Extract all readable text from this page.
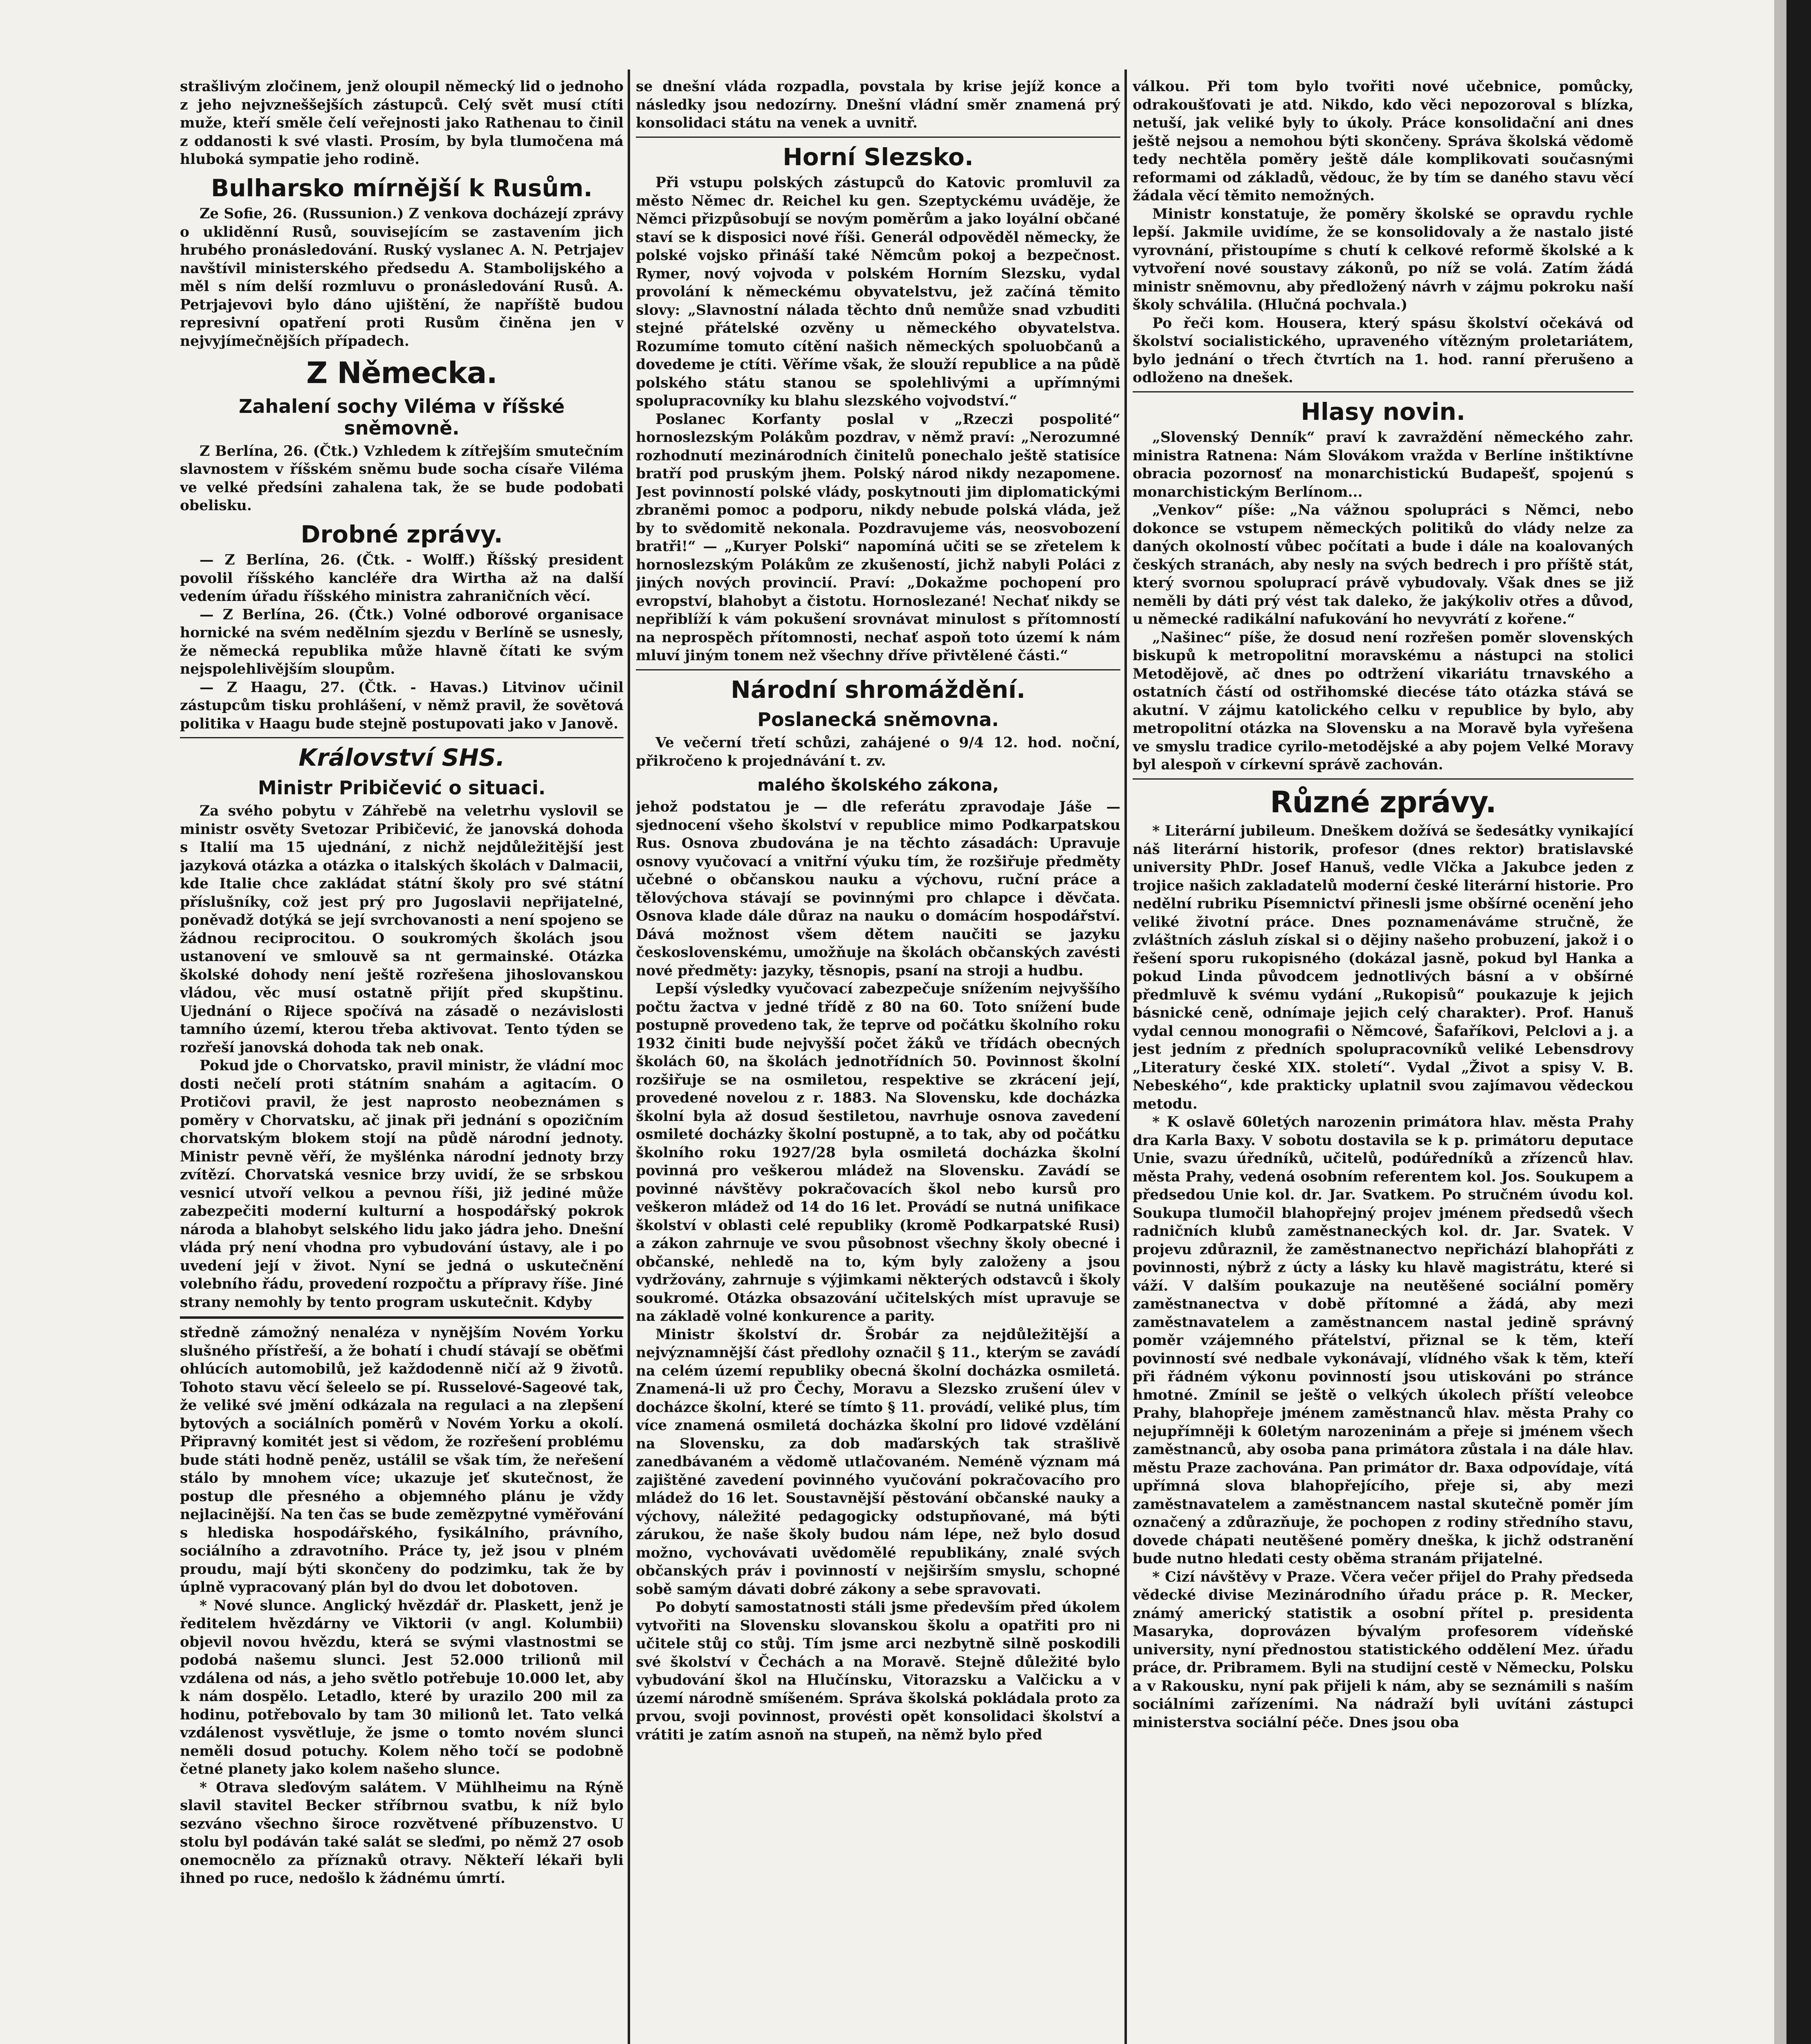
strašlivým zločinem, jenž oloupil německý lid o jednoho z jeho nejvzneššejších zástupců. Celý svět musí ctíti muže, kteří směle čelí veřejnosti jako Rathenau to činil z oddanosti k své vlasti. Prosím, by byla tlumočena má hluboká sympatie jeho rodině.

Bulharsko mírnější k Rusům.

Ze Sofie, 26. (Russunion.) Z venkova docházejí zprávy o ukliděnní Rusů, souvisejícím se zastavením jich hrubého pronásledování. Ruský vyslanec A. N. Petrjajev navštívil ministerského předsedu A. Stambolijského a měl s ním delší rozmluvu o pronásledování Rusů. A. Petrjajevovi bylo dáno ujištění, že napříště budou represivní opatření proti Rusům činěna jen v nejvyjímečnějších případech.

Z Německa.
Zahalení sochy Viléma v říšské sněmovně.

Z Berlína, 26. (Čtk.) Vzhledem k zítřejším smutečním slavnostem v říšském sněmu bude socha císaře Viléma ve velké předsíni zahalena tak, že se bude podobati obelisku.

Drobné zprávy.

— Z Berlína, 26. (Čtk. - Wolff.) Říšský president povolil říšského kancléře dra Wirtha až na další vedením úřadu říšského ministra zahraničních věcí.

— Z Berlína, 26. (Čtk.) Volné odborové organisace hornické na svém nedělním sjezdu v Berlíně se usnesly, že německá republika může hlavně čítati ke svým nejspolehlivějším sloupům.

— Z Haagu, 27. (Čtk. - Havas.) Litvinov učinil zástupcům tisku prohlášení, v němž pravil, že sovětová politika v Haagu bude stejně postupovati jako v Janově.

Království SHS.
Ministr Pribičević o situaci.

Za svého pobytu v Záhřebě na veletrhu vyslovil se ministr osvěty Svetozar Pribičević, že janovská dohoda s Italií ma 15 ujednání, z nichž nejdůležitější jest jazyková otázka a otázka o italských školách v Dalmacii, kde Italie chce zakládat státní školy pro své státní příslušníky, což jest prý pro Jugoslavii nepřijatelné, poněvadž dotýká se její svrchovanosti a není spojeno se žádnou reciprocitou. O soukromých školách jsou ustanovení ve smlouvě sa nt germainské. Otázka školské dohody není ještě rozřešena jihoslovanskou vládou, věc musí ostatně přijít před skupštinu. Ujednání o Rijece spočívá na zásadě o nezávislosti tamního území, kterou třeba aktivovat. Tento týden se rozřeší janovská dohoda tak neb onak.

Pokud jde o Chorvatsko, pravil ministr, že vládní moc dosti nečelí proti státním snahám a agitacím. O Protičovi pravil, že jest naprosto neobeznámen s poměry v Chorvatsku, ač jinak při jednání s opozičním chorvatským blokem stojí na půdě národní jednoty. Ministr pevně věří, že myšlénka národní jednoty brzy zvítězí. Chorvatská vesnice brzy uvidí, že se srbskou vesnicí utvoří velkou a pevnou říši, již jediné může zabezpečiti moderní kulturní a hospodářský pokrok národa a blahobyt selského lidu jako jádra jeho. Dnešní vláda prý není vhodna pro vybudování ústavy, ale i po uvedení její v život. Nyní se jedná o uskutečnění volebního řádu, provedení rozpočtu a přípravy říše. Jiné strany nemohly by tento program uskutečnit. Kdyby

středně zámožný nenaléza v nynějším Novém Yorku slušného přístřeší, a že bohatí i chudí stávají se oběťmi ohlúcích automobilů, jež každodenně ničí až 9 životů. Tohoto stavu věcí šeleelo se pí. Russelové-Sageové tak, že veliké své jmění odkázala na regulaci a na zlepšení bytových a sociálních poměrů v Novém Yorku a okolí. Připravný komitét jest si vědom, že rozřešení problému bude státi hodně peněz, ustálil se však tím, že neřešení stálo by mnohem více; ukazuje jeť skutečnost, že postup dle přesného a objemného plánu je vždy nejlacinější. Na ten čas se bude zemězpytné vyměřování s hlediska hospodářského, fysikálního, právního, sociálního a zdravotního. Práce ty, jež jsou v plném proudu, mají býti skončeny do podzimku, tak že by úplně vypracovaný plán byl do dvou let dobotoven.

* Nové slunce. Anglický hvězdář dr. Plaskett, jenž je ředitelem hvězdárny ve Viktorii (v angl. Kolumbii) objevil novou hvězdu, která se svými vlastnostmi se podobá našemu slunci. Jest 52.000 trilionů mil vzdálena od nás, a jeho světlo potřebuje 10.000 let, aby k nám dospělo. Letadlo, které by urazilo 200 mil za hodinu, potřebovalo by tam 30 milionů let. Tato velká vzdálenost vysvětluje, že jsme o tomto novém slunci neměli dosud potuchy. Kolem něho točí se podobně četné planety jako kolem našeho slunce.

* Otrava sleďovým salátem. V Mühlheimu na Rýně slavil stavitel Becker stříbrnou svatbu, k níž bylo sezváno všechno široce rozvětvené příbuzenstvo. U stolu byl podáván také salát se sleďmi, po němž 27 osob onemocnělo za příznaků otravy. Někteří lékaři byli ihned po ruce, nedošlo k žádnému úmrtí.

se dnešní vláda rozpadla, povstala by krise jejíž konce a následky jsou nedozírny. Dnešní vládní směr znamená prý konsolidaci státu na venek a uvnitř.

Horní Slezsko.

Při vstupu polských zástupců do Katovic promluvil za město Němec dr. Reichel ku gen. Szeptyckému uváděje, že Němci přizpůsobují se novým poměrům a jako loyální občané staví se k disposici nové říši. Generál odpověděl německy, že polské vojsko přináší také Němcům pokoj a bezpečnost. Rymer, nový vojvoda v polském Horním Slezsku, vydal provolání k německému obyvatelstvu, jež začíná těmito slovy: „Slavnostní nálada těchto dnů nemůže snad vzbuditi stejné přátelské ozvěny u německého obyvatelstva. Rozumíme tomuto cítění našich německých spoluobčanů a dovedeme je ctíti. Věříme však, že slouží republice a na půdě polského státu stanou se spolehlivými a upřímnými spolupracovníky ku blahu slezského vojvodství.“

Poslanec Korfanty poslal v „Rzeczi pospolité“ hornoslezským Polákům pozdrav, v němž praví: „Nerozumné rozhodnutí mezinárodních činitelů ponechalo ještě statisíce bratří pod pruským jhem. Polský národ nikdy nezapomene. Jest povinností polské vlády, poskytnouti jim diplomatickými zbraněmi pomoc a podporu, nikdy nebude polská vláda, jež by to svědomitě nekonala. Pozdravujeme vás, neosvobození bratři!“ — „Kuryer Polski“ napomíná učiti se se zřetelem k hornoslezským Polákům ze zkušeností, jichž nabyli Poláci z jiných nových provincií. Praví: „Dokažme pochopení pro evropství, blahobyt a čistotu. Hornoslezané! Nechať nikdy se nepřiblíží k vám pokušení srovnávat minulost s přítomností na neprospěch přítomnosti, nechať aspoň toto území k nám mluví jiným tonem než všechny dříve přivtělené části.“

Národní shromáždění.
Poslanecká sněmovna.

Ve večerní třetí schůzi, zahájené o 9/4 12. hod. noční, přikročeno k projednávání t. zv.

malého školského zákona,

jehož podstatou je — dle referátu zpravodaje Jáše — sjednocení všeho školství v republice mimo Podkarpatskou Rus. Osnova zbudována je na těchto zásadách: Upravuje osnovy vyučovací a vnitřní výuku tím, že rozšiřuje předměty učebné o občanskou nauku a výchovu, ruční práce a tělovýchova stávají se povinnými pro chlapce i děvčata. Osnova klade dále důraz na nauku o domácím hospodářství. Dává možnost všem dětem naučiti se jazyku československému, umožňuje na školách občanských zavésti nové předměty: jazyky, těsnopis, psaní na stroji a hudbu.

Lepší výsledky vyučovací zabezpečuje snížením nejvyššího počtu žactva v jedné třídě z 80 na 60. Toto snížení bude postupně provedeno tak, že teprve od počátku školního roku 1932 činiti bude nejvyšší počet žáků ve třídách obecných školách 60, na školách jednotřídních 50. Povinnost školní rozšiřuje se na osmiletou, respektive se zkrácení její, provedené novelou z r. 1883. Na Slovensku, kde docházka školní byla až dosud šestiletou, navrhuje osnova zavedení osmileté docházky školní postupně, a to tak, aby od počátku školního roku 1927/28 byla osmiletá docházka školní povinná pro veškerou mládež na Slovensku. Zavádí se povinné návštěvy pokračovacích škol nebo kursů pro veškeron mládež od 14 do 16 let. Provádí se nutná unifikace školství v oblasti celé republiky (kromě Podkarpatské Rusi) a zákon zahrnuje ve svou působnost všechny školy obecné i občanské, nehledě na to, kým byly založeny a jsou vydržovány, zahrnuje s výjimkami některých odstavců i školy soukromé. Otázka obsazování učitelských míst upravuje se na základě volné konkurence a parity.

Ministr školství dr. Šrobár za nejdůležitější a nejvýznamnější část předlohy označil § 11., kterým se zavádí na celém území republiky obecná školní docházka osmiletá. Znamená-li už pro Čechy, Moravu a Slezsko zrušení úlev v docházce školní, které se tímto § 11. provádí, veliké plus, tím více znamená osmiletá docházka školní pro lidové vzdělání na Slovensku, za dob maďarských tak strašlivě zanedbávaném a vědomě utlačovaném. Neméně význam má zajištěné zavedení povinného vyučování pokračovacího pro mládež do 16 let. Soustavnější pěstování občanské nauky a výchovy, náležité pedagogicky odstupňované, má býti zárukou, že naše školy budou nám lépe, než bylo dosud možno, vychovávati uvědomělé republikány, znalé svých občanských práv i povinností v nejširším smyslu, schopné sobě samým dávati dobré zákony a sebe spravovati.

Po dobytí samostatnosti stáli jsme především před úkolem vytvořiti na Slovensku slovanskou školu a opatřiti pro ni učitele stůj co stůj. Tím jsme arci nezbytně silně poskodili své školství v Čechách a na Moravě. Stejně důležité bylo vybudování škol na Hlučínsku, Vitorazsku a Valčicku a v území národně smíšeném. Správa školská pokládala proto za prvou, svoji povinnost, provésti opět konsolidaci školství a vrátiti je zatím asnoň na stupeň, na němž bylo před

válkou. Při tom bylo tvořiti nové učebnice, pomůcky, odrakoušťovati je atd. Nikdo, kdo věci nepozoroval s blízka, netuší, jak veliké byly to úkoly. Práce konsolidační ani dnes ještě nejsou a nemohou býti skončeny. Správa školská vědomě tedy nechtěla poměry ještě dále komplikovati současnými reformami od základů, vědouc, že by tím se daného stavu věcí žádala věcí těmito nemožných.

Ministr konstatuje, že poměry školské se opravdu rychle lepší. Jakmile uvidíme, že se konsolidovaly a že nastalo jisté vyrovnání, přistoupíme s chutí k celkové reformě školské a k vytvoření nové soustavy zákonů, po níž se volá. Zatím žádá ministr sněmovnu, aby předložený návrh v zájmu pokroku naší školy schválila. (Hlučná pochvala.)

Po řeči kom. Housera, který spásu školství očekává od školství socialistického, upraveného vítězným proletariátem, bylo jednání o třech čtvrtích na 1. hod. ranní přerušeno a odloženo na dnešek.

Hlasy novin.

„Slovenský Denník“ praví k zavraždění německého zahr. ministra Ratnena: Nám Slovákom vražda v Berlíne inštiktívne obracia pozornosť na monarchistickú Budapešť, spojenú s monarchistickým Berlínom...

„Venkov“ píše: „Na vážnou spolupráci s Němci, nebo dokonce se vstupem německých politiků do vlády nelze za daných okolností vůbec počítati a bude i dále na koalovaných českých stranách, aby nesly na svých bedrech i pro příště stát, který svornou spoluprací právě vybudovaly. Však dnes se již neměli by dáti prý vést tak daleko, že jakýkoliv otřes a důvod, u německé radikální nafukování ho nevyvrátí z kořene.“

„Našinec“ píše, že dosud není rozřešen poměr slovenských biskupů k metropolitní moravskému a nástupci na stolici Metodějově, ač dnes po odtržení vikariátu trnavského a ostatních částí od ostřihomské diecése táto otázka stává se akutní. V zájmu katolického celku v republice by bylo, aby metropolitní otázka na Slovensku a na Moravě byla vyřešena ve smyslu tradice cyrilo-metodějské a aby pojem Velké Moravy byl alespoň v církevní správě zachován.

Různé zprávy.

* Literární jubileum. Dneškem dožívá se šedesátky vynikající náš literární historik, profesor (dnes rektor) bratislavské university PhDr. Josef Hanuš, vedle Vlčka a Jakubce jeden z trojice našich zakladatelů moderní české literární historie. Pro nedělní rubriku Písemnictví přinesli jsme obšírné ocenění jeho veliké životní práce. Dnes poznamenáváme stručně, že zvláštních zásluh získal si o dějiny našeho probuzení, jakož i o řešení sporu rukopisného (dokázal jasně, pokud byl Hanka a pokud Linda původcem jednotlivých básní a v obšírné předmluvě k svému vydání „Rukopisů“ poukazuje k jejich básnické ceně, odnímaje jejich celý charakter). Prof. Hanuš vydal cennou monografii o Němcové, Šafaříkovi, Pelclovi a j. a jest jedním z předních spolupracovníků veliké Lebensdrovy „Literatury české XIX. století“. Vydal „Život a spisy V. B. Nebeského“, kde prakticky uplatnil svou zajímavou vědeckou metodu.

* K oslavě 60letých narozenin primátora hlav. města Prahy dra Karla Baxy. V sobotu dostavila se k p. primátoru deputace Unie, svazu úředníků, učitelů, podúředníků a zřízenců hlav. města Prahy, vedená osobním referentem kol. Jos. Soukupem a předsedou Unie kol. dr. Jar. Svatkem. Po stručném úvodu kol. Soukupa tlumočil blahopřejný projev jménem předsedů všech radničních klubů zaměstnaneckých kol. dr. Jar. Svatek. V projevu zdůraznil, že zaměstnanectvo nepřichází blahopřáti z povinnosti, nýbrž z úcty a lásky ku hlavě magistrátu, které si váží. V dalším poukazuje na neutěšené sociální poměry zaměstnanectva v době přítomné a žádá, aby mezi zaměstnavatelem a zaměstnancem nastal jedině správný poměr vzájemného přátelství, přiznal se k těm, kteří povinností své nedbale vykonávají, vlídného však k těm, kteří při řádném výkonu povinností jsou utiskováni po stránce hmotné. Zmínil se ještě o velkých úkolech příští veleobce Prahy, blahopřeje jménem zaměstnanců hlav. města Prahy co nejupřímněji k 60letým narozeninám a přeje si jménem všech zaměstnanců, aby osoba pana primátora zůstala i na dále hlav. městu Praze zachována. Pan primátor dr. Baxa odpovídaje, vítá upřímná slova blahopřejícího, přeje si, aby mezi zaměstnavatelem a zaměstnancem nastal skutečně poměr jím označený a zdůrazňuje, že pochopen z rodiny středního stavu, dovede chápati neutěšené poměry dneška, k jichž odstranění bude nutno hledati cesty oběma stranám přijatelné.

* Cizí návštěvy v Praze. Včera večer přijel do Prahy předseda vědecké divise Mezinárodního úřadu práce p. R. Mecker, známý americký statistik a osobní přítel p. presidenta Masaryka, doprovázen bývalým profesorem vídeňské university, nyní přednostou statistického oddělení Mez. úřadu práce, dr. Pribramem. Byli na studijní cestě v Německu, Polsku a v Rakousku, nyní pak přijeli k nám, aby se seznámili s naším sociálními zařízeními. Na nádraží byli uvítáni zástupci ministerstva sociální péče. Dnes jsou oba
